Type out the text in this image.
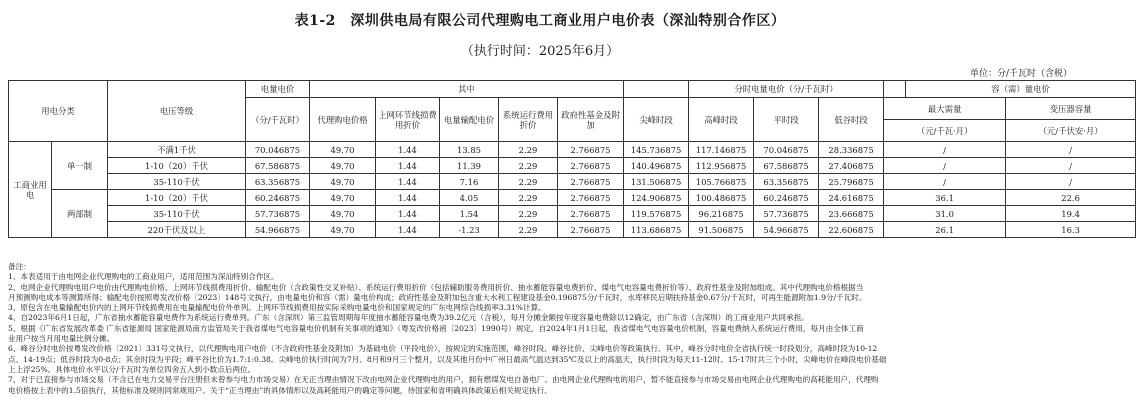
表1-2　深圳供电局有限公司代理购电工商业用户电价表（深汕特别合作区）
（执行时间：2025年6月）
单位：分/千瓦时（含税）
用电分类		电压等级	电量电价	其中						分时电量电价（分/千瓦时）				容（需）量电价	
			（分/千瓦时）	代理购电价格	上网环节线损费用折价	电量输配电价	系统运行费用折价	政府性基金及附加	尖峰时段	高峰时段	平时段	低谷时段	最大需量		变压器容量
													（元/千瓦·月）		（元/千伏安·月）
工商业用电	单一制	不满1千伏	70.046875	49.70	1.44	13.85	2.29	2.766875	145.736875	117.146875	70.046875	28.336875	/		/
		1-10（20）千伏	67.586875	49.70	1.44	11.39	2.29	2.766875	140.496875	112.956875	67.586875	27.406875	/		/
		35-110千伏	63.356875	49.70	1.44	7.16	2.29	2.766875	131.506875	105.766875	63.356875	25.796875	/		/
	两部制	1-10（20）千伏	60.246875	49.70	1.44	4.05	2.29	2.766875	124.906875	100.486875	60.246875	24.616875	36.1		22.6
		35-110千伏	57.736875	49.70	1.44	1.54	2.29	2.766875	119.576875	96.216875	57.736875	23.666875	31.0		19.4
		220千伏及以上	54.966875	49.70	1.44	-1.23	2.29	2.766875	113.686875	91.506875	54.966875	22.606875	26.1		16.3
备注：
1、本表适用于由电网企业代理购电的工商业用户，适用范围为深汕特别合作区。
2、电网企业代理购电用户电价由代理购电价格、上网环节线损费用折价、输配电价（含政策性交叉补贴）、系统运行费用折价（包括辅助服务费用折价、抽水蓄能容量电费折价、煤电气电容量电费折价等）、政府性基金及附加组成。其中代理购电价格根据当
月预测购电成本等测算所得；输配电价按照粤发改价格〔2023〕148号文执行，由电量电价和容（需）量电价构成；政府性基金及附加包含重大水利工程建设基金0.196875分/千瓦时，水库移民后期扶持基金0.67分/千瓦时，可再生能源附加1.9分/千瓦时。
3、原包含在电量输配电价内的上网环节线损费用在电量输配电价外单列。上网环节线损费用按实际采购电量电价和国家规定的广东电网综合线损率3.31%计算。
4、自2023年6月1日起，广东省抽水蓄能容量电费作为系统运行费单列。广东（含深圳）第三监管周期每年度抽水蓄能容量电费为39.2亿元（含税），每月分摊金额按年度容量电费除以12确定，由广东省（含深圳）的工商业用户共同承担。
5、根据《广东省发展改革委 广东省能源局 国家能源局南方监管局关于我省煤电气电容量电价机制有关事项的通知》（粤发改价格函〔2023〕1990号）规定，自2024年1月1日起，我省煤电气电容量电价机制，容量电费纳入系统运行费用，每月由全体工商
业用户按当月用电量比例分摊。
6、峰谷分时电价按粤发改价格〔2021〕331号文执行，以代理购电用户电价（不含政府性基金及附加）为基础电价（平段电价），按规定的实施范围，峰谷时段、峰谷比价、尖峰电价等政策执行。其中，峰谷分时电价全省执行统一时段划分，高峰时段为10-12
点、14-19点；低谷时段为0-8点；其余时段为平段；峰平谷比价为1.7:1:0.38。尖峰电价执行时间为7月、8月和9月三个整月，以及其他月份中广州日最高气温达到35℃及以上的高温天，执行时段为每天11-12时、15-17时共三个小时，尖峰电价在峰段电价基础
上上浮25%。具体电价水平以分/千瓦时为单位四舍五入到小数点后两位。
7、对于已直接参与市场交易（不含已在电力交易平台注册但未曾参与电力市场交易）在无正当理由情况下改由电网企业代理购电的用户，拥有燃煤发电自备电厂、由电网企业代理购电的用户，暂不能直接参与市场交易由电网企业代理购电的高耗能用户，代理购
电价格按上表中的1.5倍执行，其他标准及规则同常规用户。关于“正当理由”的具体情形以及高耗能用户的确定等问题，待国家和省明确具体政策后相关规定执行。
